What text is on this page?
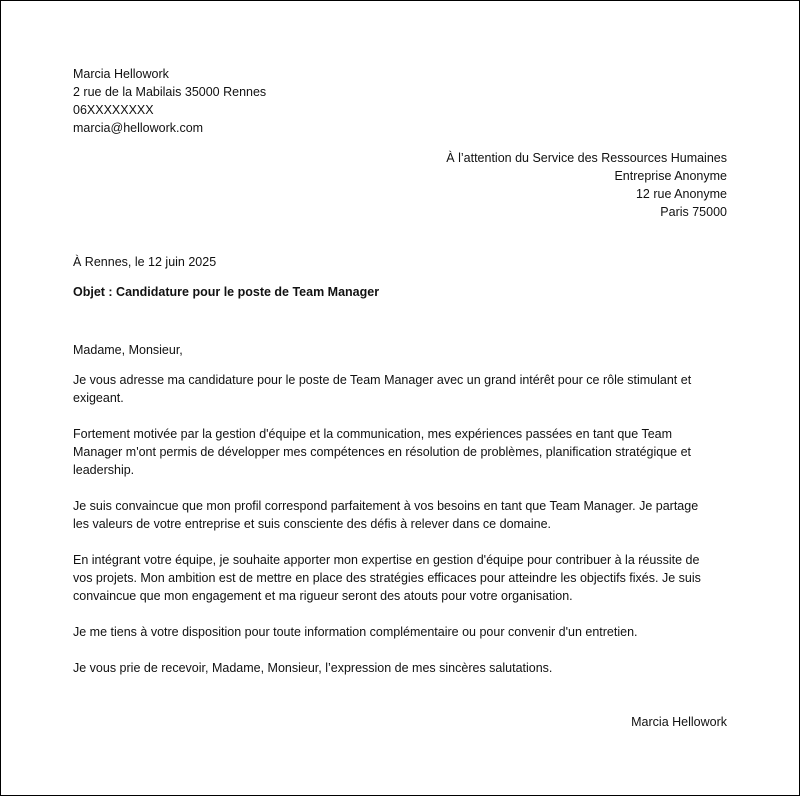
Marcia Hellowork
2 rue de la Mabilais 35000 Rennes
06XXXXXXXX
marcia@hellowork.com
À l’attention du Service des Ressources Humaines
Entreprise Anonyme
12 rue Anonyme
Paris 75000
À Rennes, le 12 juin 2025
Objet : Candidature pour le poste de Team Manager
Madame, Monsieur,
Je vous adresse ma candidature pour le poste de Team Manager avec un grand intérêt pour ce rôle stimulant et
exigeant.
Fortement motivée par la gestion d'équipe et la communication, mes expériences passées en tant que Team
Manager m'ont permis de développer mes compétences en résolution de problèmes, planification stratégique et
leadership.
Je suis convaincue que mon profil correspond parfaitement à vos besoins en tant que Team Manager. Je partage
les valeurs de votre entreprise et suis consciente des défis à relever dans ce domaine.
En intégrant votre équipe, je souhaite apporter mon expertise en gestion d'équipe pour contribuer à la réussite de
vos projets. Mon ambition est de mettre en place des stratégies efficaces pour atteindre les objectifs fixés. Je suis
convaincue que mon engagement et ma rigueur seront des atouts pour votre organisation.
Je me tiens à votre disposition pour toute information complémentaire ou pour convenir d'un entretien.
Je vous prie de recevoir, Madame, Monsieur, l’expression de mes sincères salutations.
Marcia Hellowork
